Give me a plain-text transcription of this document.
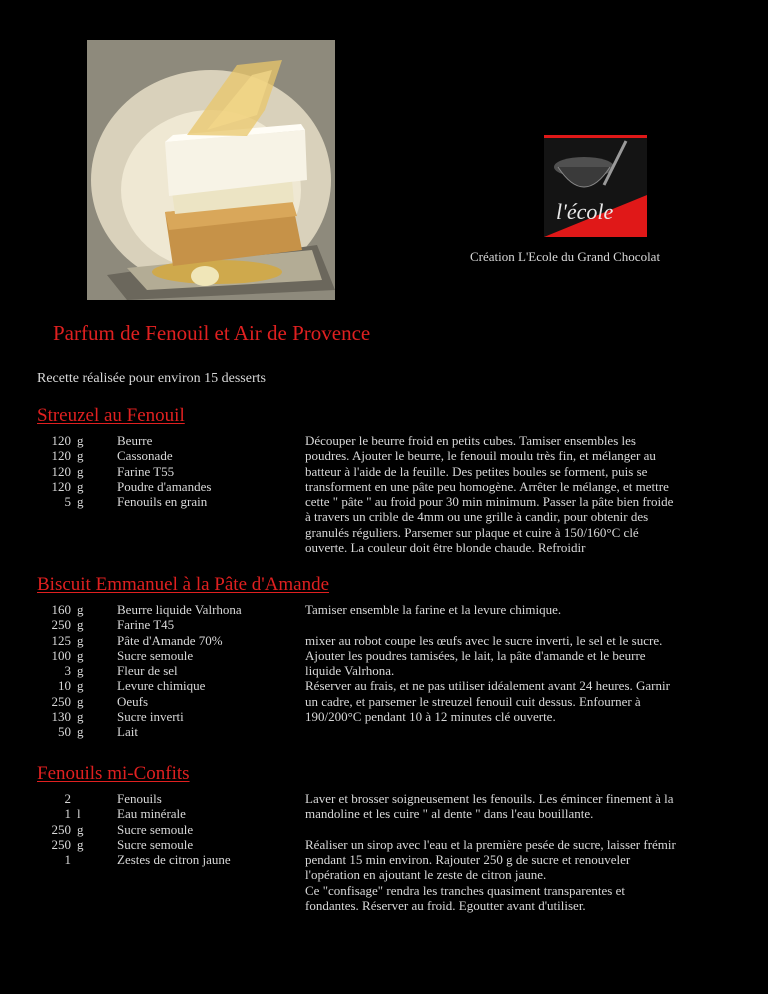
l'école
Création L'Ecole du Grand Chocolat
Parfum de Fenouil et Air de Provence
Recette réalisée pour environ 15 desserts
Streuzel au Fenouil
120 g	Beurre
120 g	Cassonade
120 g	Farine T55
120 g	Poudre d'amandes
5 g	Fenouils en grain

Découper le beurre froid en petits cubes. Tamiser ensembles les

poudres. Ajouter le beurre, le fenouil moulu très fin, et mélanger au

batteur à l'aide de la feuille. Des petites boules se forment, puis se

transforment en une pâte peu homogène. Arrêter le mélange, et mettre

cette " pâte " au froid pour 30 min minimum. Passer la pâte bien froide

à travers un crible de 4mm ou une grille à candir, pour obtenir des

granulés réguliers. Parsemer sur plaque et cuire à 150/160°C clé

ouverte. La couleur doit être blonde chaude. Refroidir

Biscuit Emmanuel à la Pâte d'Amande
160 g	Beurre liquide Valrhona
250 g	Farine T45
125 g	Pâte d'Amande 70%
100 g	Sucre semoule
3 g	Fleur de sel
10 g	Levure chimique
250 g	Oeufs
130 g	Sucre inverti
50 g	Lait

Tamiser ensemble la farine et la levure chimique.

mixer au robot coupe les œufs avec le sucre inverti, le sel et le sucre.

Ajouter les poudres tamisées, le lait, la pâte d'amande et le beurre

liquide Valrhona.

Réserver au frais, et ne pas utiliser idéalement avant 24 heures. Garnir

un cadre, et parsemer le streuzel fenouil cuit dessus. Enfourner à

190/200°C pendant 10 à 12 minutes clé ouverte.

Fenouils mi-Confits
2	Fenouils
1 l	Eau minérale
250 g	Sucre semoule
250 g	Sucre semoule
1	Zestes de citron jaune

Laver et brosser soigneusement les fenouils. Les émincer finement à la

mandoline et les cuire " al dente " dans l'eau bouillante.

Réaliser un sirop avec l'eau et la première pesée de sucre, laisser frémir

pendant 15 min environ. Rajouter 250 g de sucre et renouveler

l'opération en ajoutant le zeste de citron jaune.

Ce "confisage" rendra les tranches quasiment transparentes et

fondantes. Réserver au froid. Egoutter avant d'utiliser.
